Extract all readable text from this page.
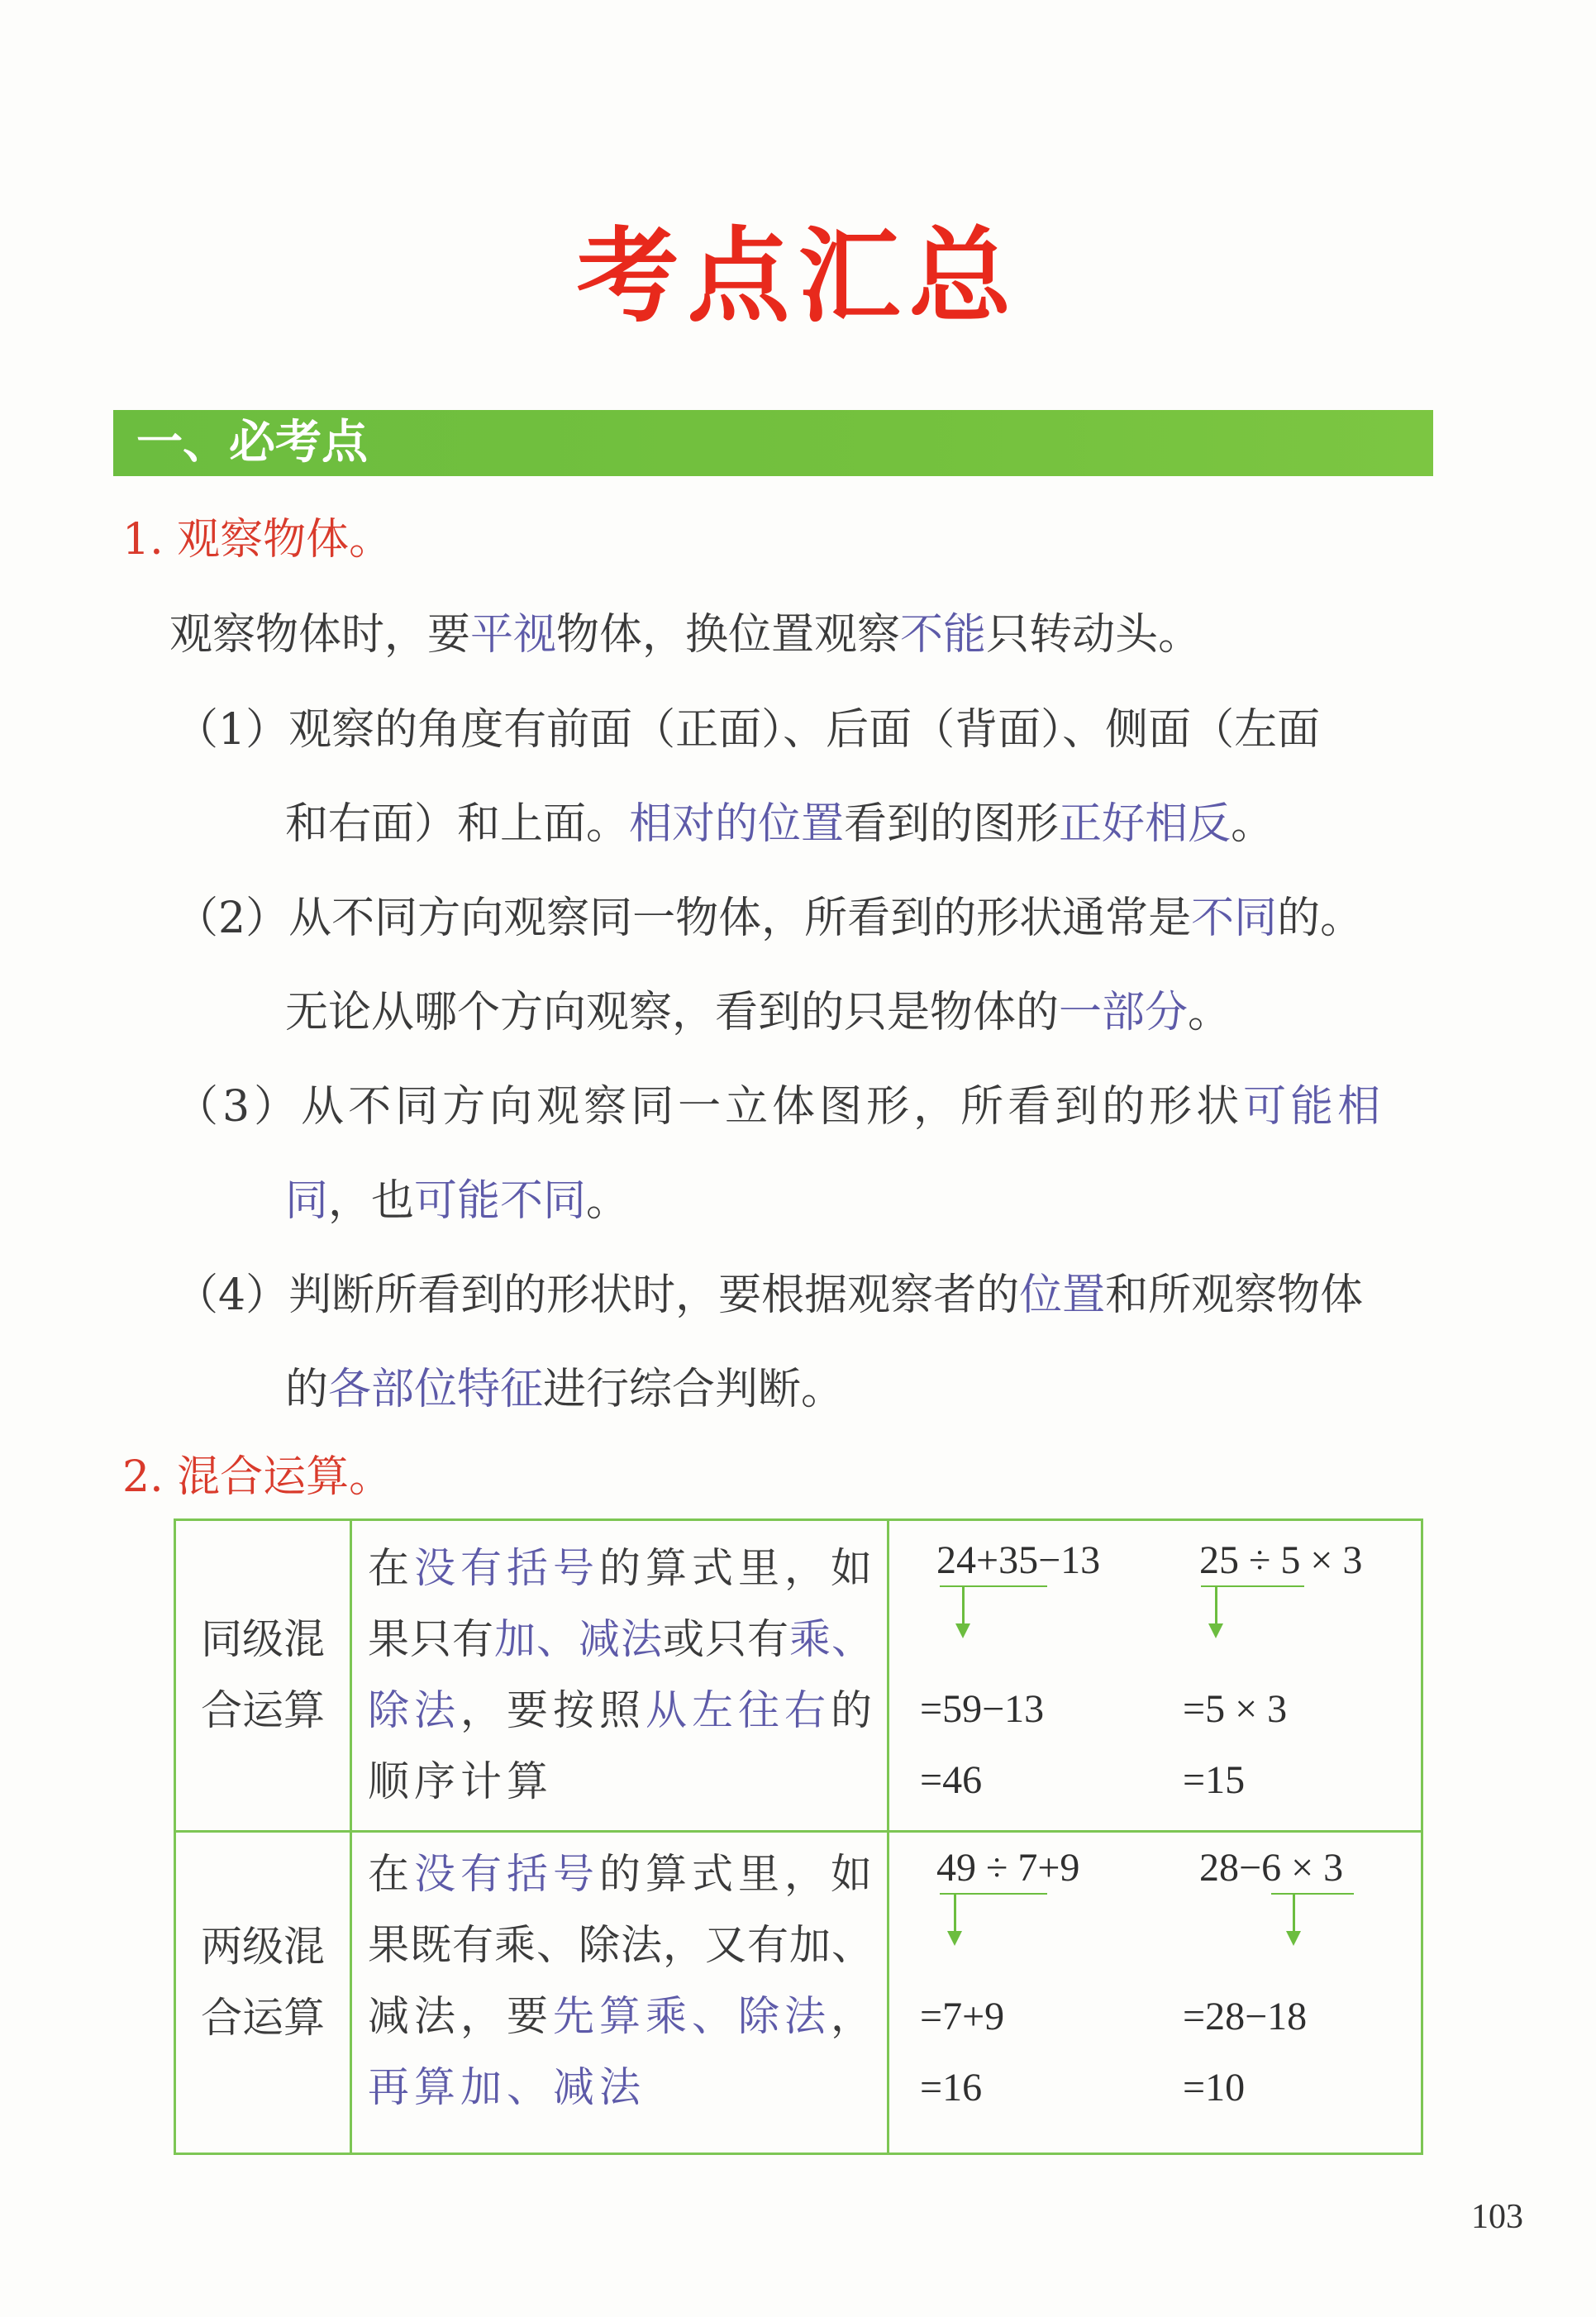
考点汇总
一、必考点
1. 观察物体。
观察物体时，要平视物体，换位置观察不能只转动头。
（1）观察的角度有前面（正面）、后面（背面）、侧面（左面
和右面）和上面。相对的位置看到的图形正好相反。
（2）从不同方向观察同一物体，所看到的形状通常是不同的。
无论从哪个方向观察，看到的只是物体的一部分。
（3）从不同方向观察同一立体图形，所看到的形状可能相
同，也可能不同。
（4）判断所看到的形状时，要根据观察者的位置和所观察物体
的各部位特征进行综合判断。
2. 混合运算。
同级混
合运算
在没有括号的算式里，如
果只有加、减法或只有乘、
除法，要按照从左往右的
顺序计算
24+35−13
=59−13
=46
25 ÷ 5 × 3
=5 × 3
=15
两级混
合运算
在没有括号的算式里，如
果既有乘、除法，又有加、
减法，要先算乘、除法，
再算加、减法
49 ÷ 7+9
=7+9
=16
28−6 × 3
=28−18
=10
103
